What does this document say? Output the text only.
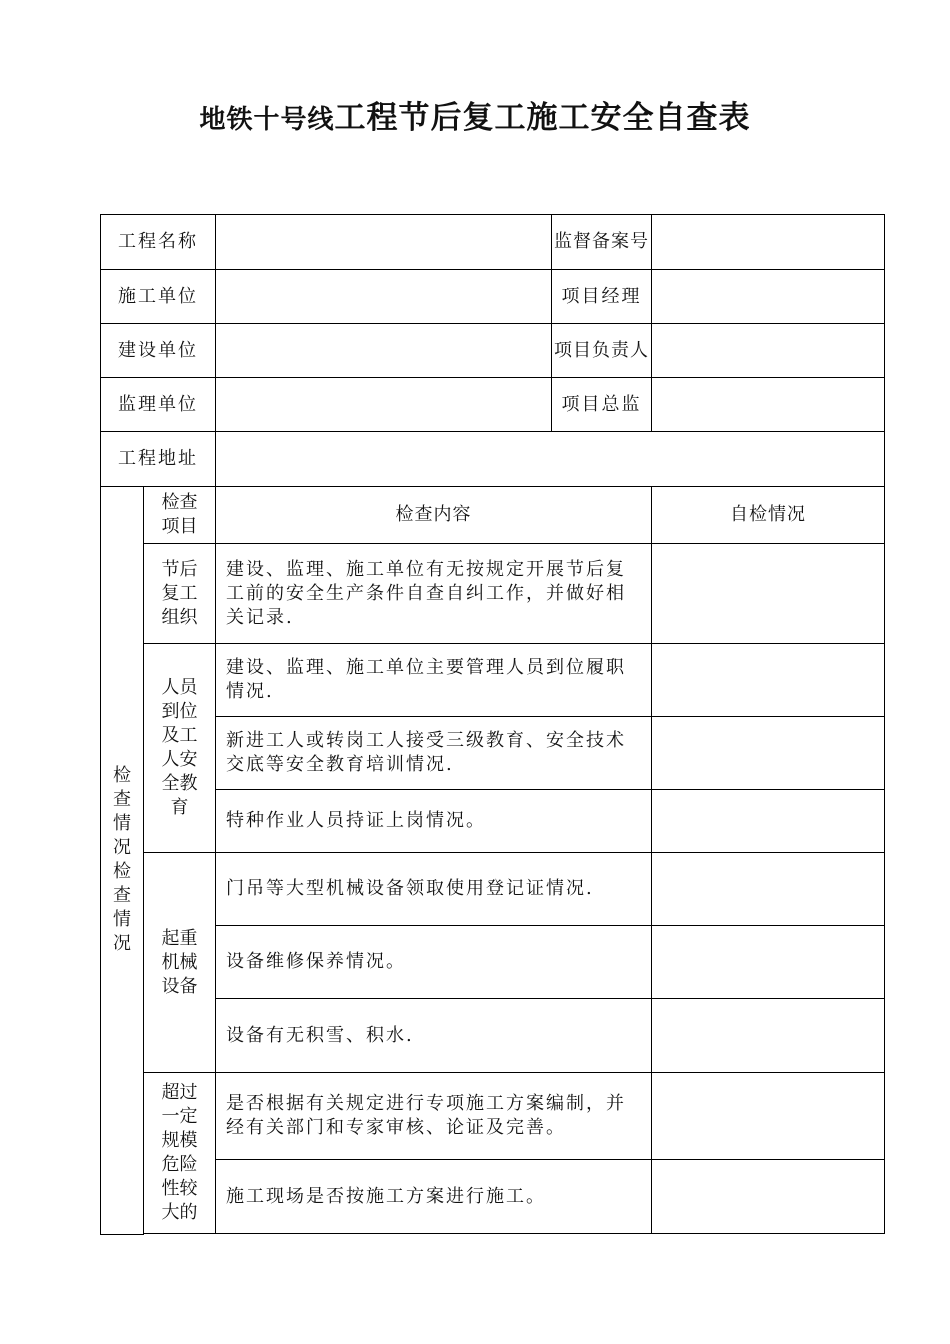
地铁十号线工程节后复工施工安全自查表
工程名称			监督备案号	
施工单位			项目经理	
建设单位			项目负责人	
监理单位			项目总监	
工程地址				

检查情况检查情况	检查项目	检查内容		自检情况

	节后复工组织	建设、监理、施工单位有无按规定开展节后复工前的安全生产条件自查自纠工作，并做好相关记录.		

	人员到位及工人安全教育	建设、监理、施工单位主要管理人员到位履职情况.		
		新进工人或转岗工人接受三级教育、安全技术交底等安全教育培训情况.		
		特种作业人员持证上岗情况。		

	起重机械设备	门吊等大型机械设备领取使用登记证情况.		
		设备维修保养情况。		
		设备有无积雪、积水.		

	超过一定规模危险性较大的	是否根据有关规定进行专项施工方案编制，并经有关部门和专家审核、论证及完善。		
		施工现场是否按施工方案进行施工。		
